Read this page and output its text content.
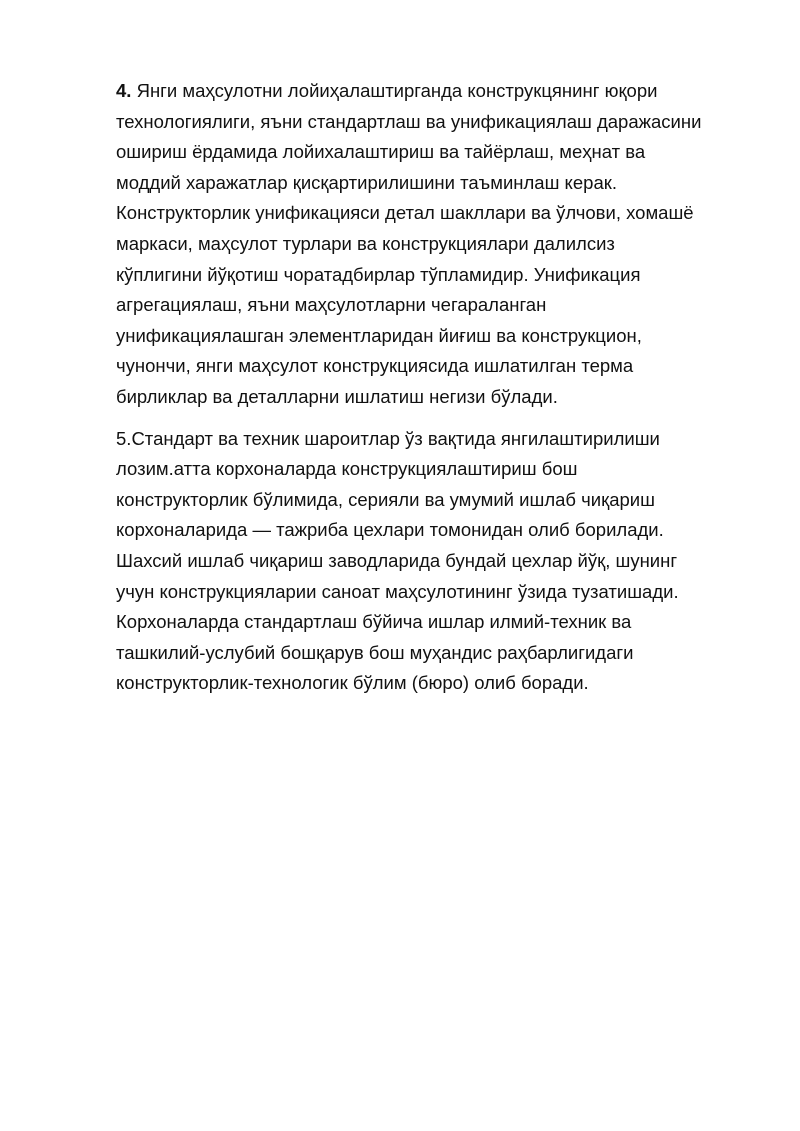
4. Янги маҳсулотни лойиҳалаштирганда конструкцянинг юқори
технологиялиги, яъни стандартлаш ва унификациялаш даражасини
ошириш ёрдамида лойихалаштириш ва тайёрлаш, меҳнат ва
моддий харажатлар қисқартирилишини таъминлаш керак.
Конструкторлик унификацияси детал шакллари ва ўлчови, хомашё
маркаси, маҳсулот турлари ва конструкциялари далилсиз
кўплигини йўқотиш чоратадбирлар тўпламидир. Унификация
агрегациялаш, яъни маҳсулотларни чегараланган
унификациялашган элементларидан йиғиш ва конструкцион,
чунончи, янги маҳсулот конструкциясида ишлатилган терма
бирликлар ва деталларни ишлатиш негизи бўлади.

5.Стандарт ва техник шароитлар ўз вақтида янгилаштирилиши
лозим.атта корхоналарда конструкциялаштириш бош
конструкторлик бўлимида, серияли ва умумий ишлаб чиқариш
корхоналарида — тажриба цехлари томонидан олиб борилади.
Шахсий ишлаб чиқариш заводларида бундай цехлар йўқ, шунинг
учун конструкцияларии саноат маҳсулотининг ўзида тузатишади.
Корхоналарда стандартлаш бўйича ишлар илмий-техник ва
ташкилий-услубий бошқарув бош муҳандис раҳбарлигидаги
конструкторлик-технологик бўлим (бюро) олиб боради.
